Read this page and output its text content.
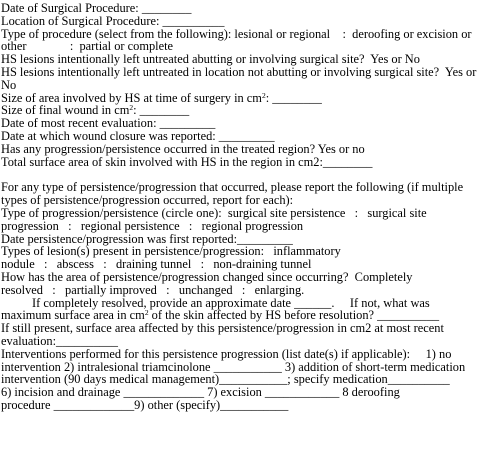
Date of Surgical Procedure: ________
Location of Surgical Procedure: __________
Type of procedure (select from the following): lesional or regional    :  deroofing or excision or
other              :  partial or complete
HS lesions intentionally left untreated abutting or involving surgical site?  Yes or No
HS lesions intentionally left untreated in location not abutting or involving surgical site?  Yes or
No
Size of area involved by HS at time of surgery in $cm^2$: ________
Size of final wound in $cm^2$: ________
Date of most recent evaluation: _________
Date at which wound closure was reported: _________
Has any progression/persistence occurred in the treated region? Yes or no
Total surface area of skin involved with HS in the region in cm2:________
For any type of persistence/progression that occurred, please report the following (if multiple
types of persistence/progression occurred, report for each):
Type of progression/persistence (circle one):  surgical site persistence   :   surgical site
progression   :   regional persistence   :   regional progression
Date persistence/progression was first reported:_________
Types of lesion(s) present in persistence/progression:   inflammatory
nodule   :   abscess   :   draining tunnel   :   non-draining tunnel
How has the area of persistence/progression changed since occurring?  Completely
resolved   :   partially improved   :   unchanged   :   enlarging.
If completely resolved, provide an approximate date ______.     If not, what was
maximum surface area in $cm^2$ of the skin affected by HS before resolution? __________
If still present, surface area affected by this persistence/progression in cm2 at most recent
evaluation:__________
Interventions performed for this persistence progression (list date(s) if applicable):     1) no
intervention 2) intralesional triamcinolone ___________ 3) addition of short-term medication
intervention (90 days medical management)___________; specify medication__________
6) incision and drainage _____________ 7) excision ____________ 8 deroofing
procedure _____________9) other (specify)___________
